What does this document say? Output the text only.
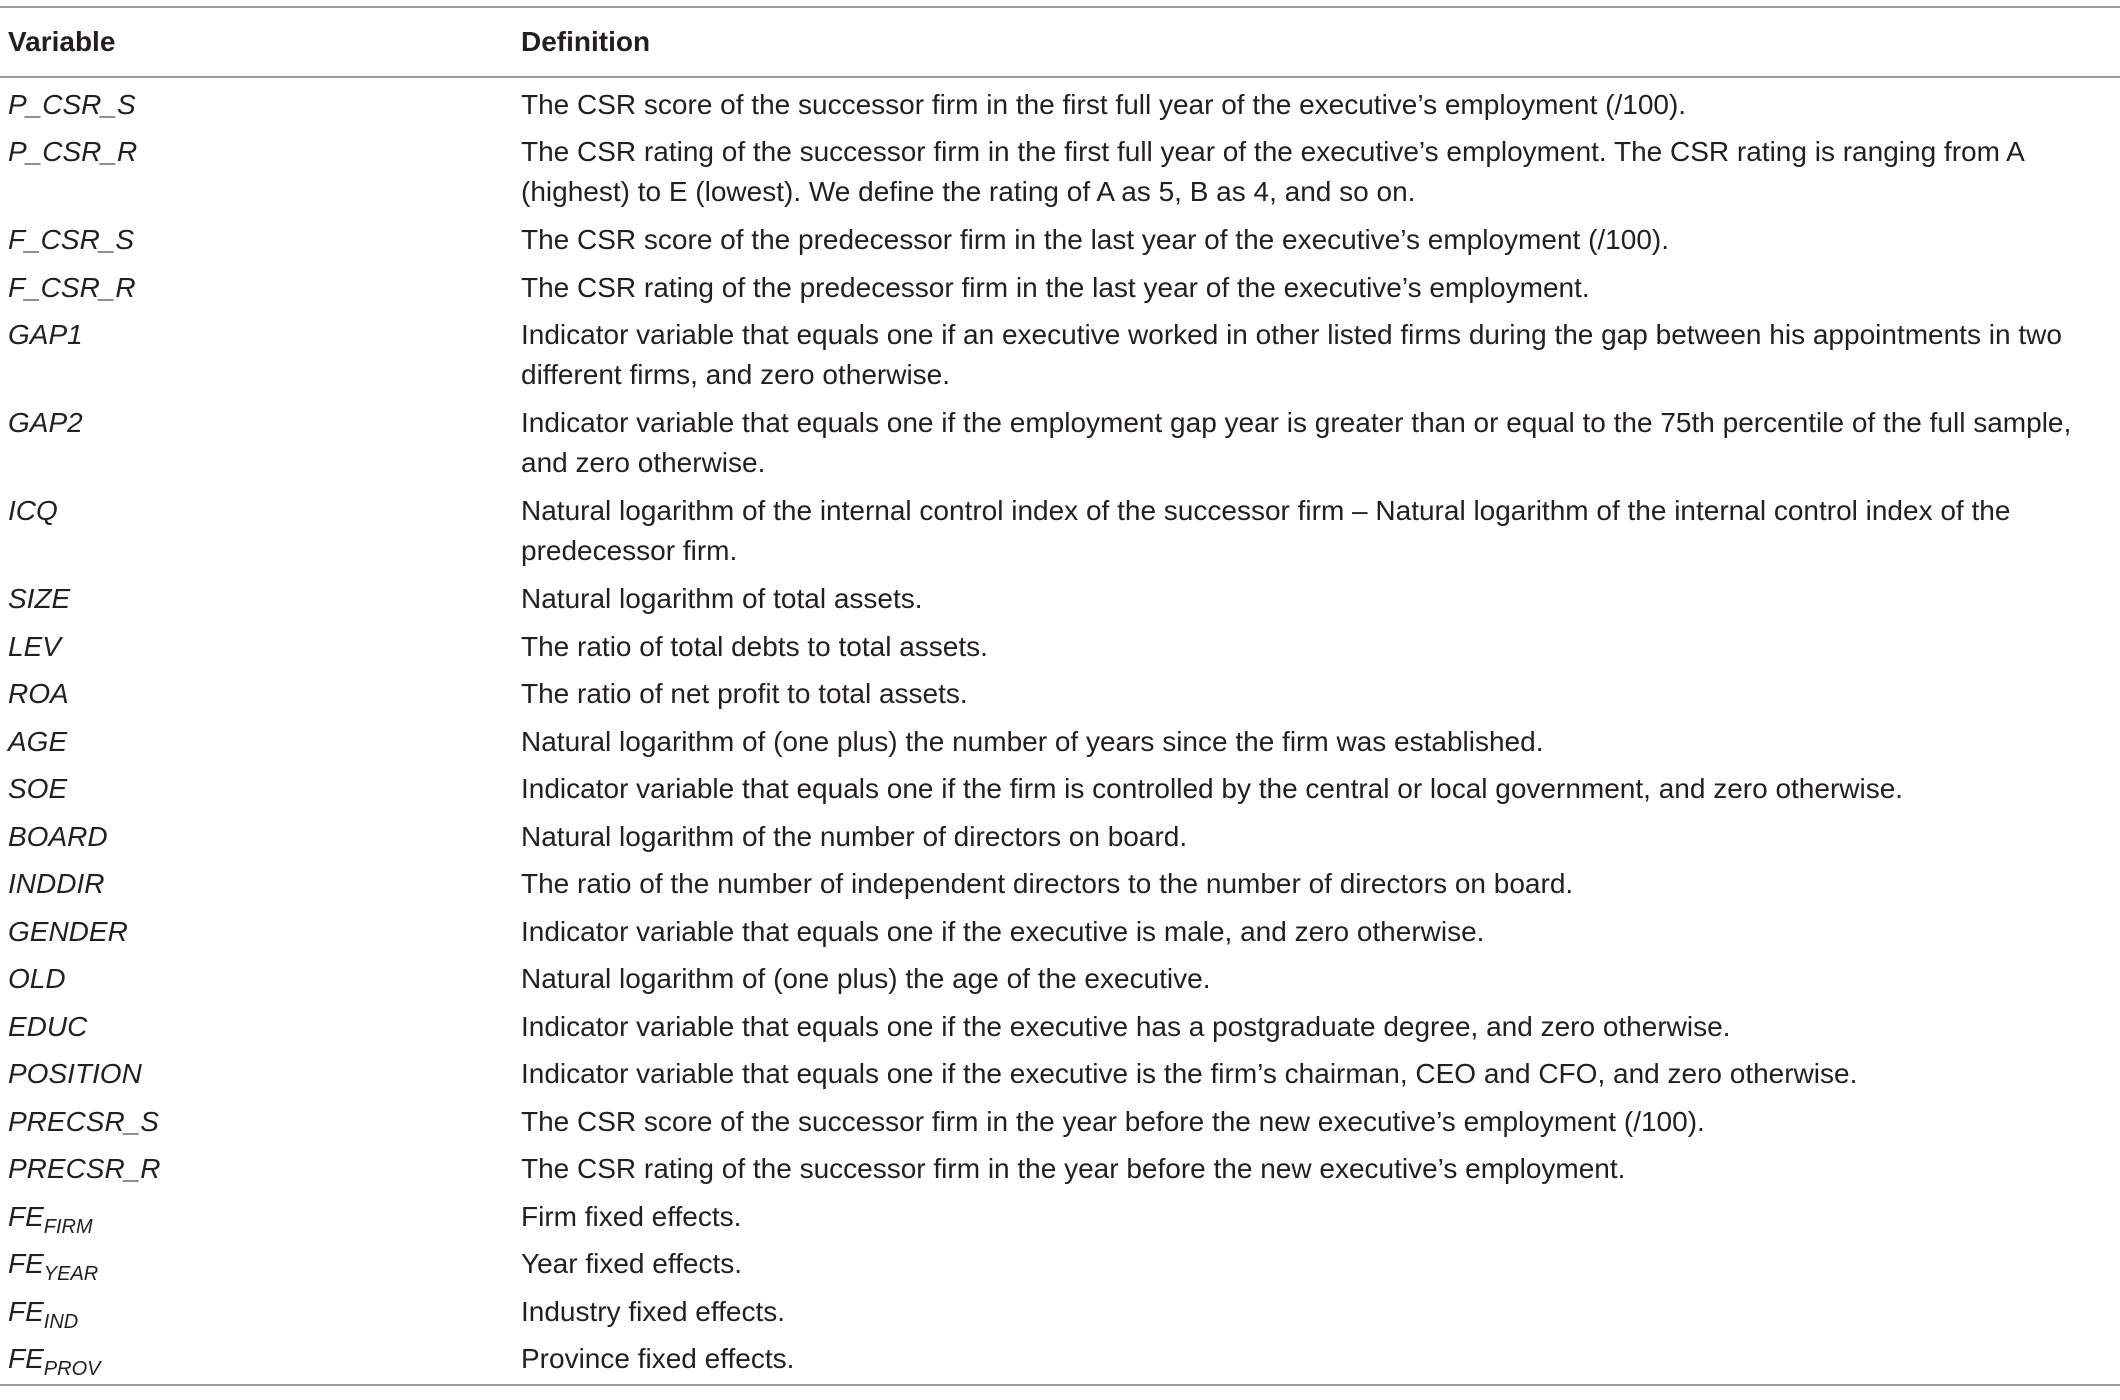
Variable	Definition
P_CSR_S	The CSR score of the successor firm in the first full year of the executive’s employment (/100).
P_CSR_R	The CSR rating of the successor firm in the first full year of the executive’s employment. The CSR rating is ranging from A (highest) to E (lowest). We define the rating of A as 5, B as 4, and so on.
F_CSR_S	The CSR score of the predecessor firm in the last year of the executive’s employment (/100).
F_CSR_R	The CSR rating of the predecessor firm in the last year of the executive’s employment.
GAP1	Indicator variable that equals one if an executive worked in other listed firms during the gap between his appointments in two different firms, and zero otherwise.
GAP2	Indicator variable that equals one if the employment gap year is greater than or equal to the 75th percentile of the full sample, and zero otherwise.
ICQ	Natural logarithm of the internal control index of the successor firm – Natural logarithm of the internal control index of the predecessor firm.
SIZE	Natural logarithm of total assets.
LEV	The ratio of total debts to total assets.
ROA	The ratio of net profit to total assets.
AGE	Natural logarithm of (one plus) the number of years since the firm was established.
SOE	Indicator variable that equals one if the firm is controlled by the central or local government, and zero otherwise.
BOARD	Natural logarithm of the number of directors on board.
INDDIR	The ratio of the number of independent directors to the number of directors on board.
GENDER	Indicator variable that equals one if the executive is male, and zero otherwise.
OLD	Natural logarithm of (one plus) the age of the executive.
EDUC	Indicator variable that equals one if the executive has a postgraduate degree, and zero otherwise.
POSITION	Indicator variable that equals one if the executive is the firm’s chairman, CEO and CFO, and zero otherwise.
PRECSR_S	The CSR score of the successor firm in the year before the new executive’s employment (/100).
PRECSR_R	The CSR rating of the successor firm in the year before the new executive’s employment.
$FE_{FIRM}$	Firm fixed effects.
$FE_{YEAR}$	Year fixed effects.
$FE_{IND}$	Industry fixed effects.
$FE_{PROV}$	Province fixed effects.
